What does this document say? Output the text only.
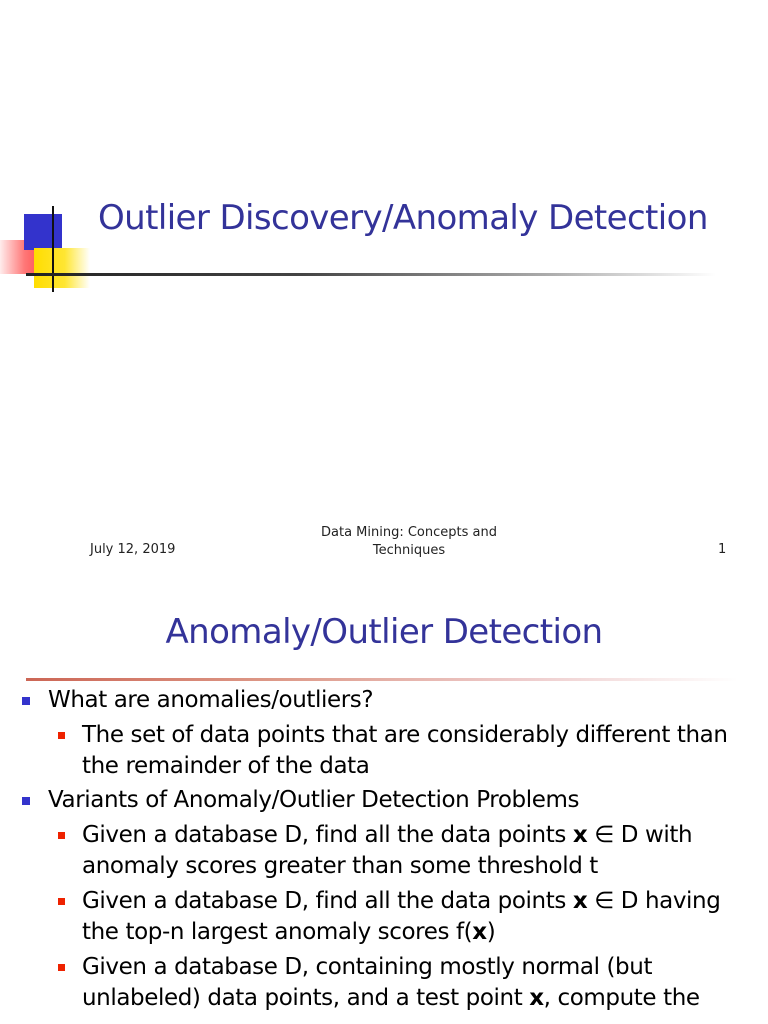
Outlier Discovery/Anomaly Detection
July 12, 2019
Data Mining: Concepts and
Techniques	1
Anomaly/Outlier Detection
What are anomalies/outliers?
The set of data points that are considerably different than the remainder of the data
Variants of Anomaly/Outlier Detection Problems
Given a database D, find all the data points x ∈ D with anomaly scores greater than some threshold t
Given a database D, find all the data points x ∈ D having the top-n largest anomaly scores f(x)
Given a database D, containing mostly normal (but unlabeled) data points, and a test point x, compute the
